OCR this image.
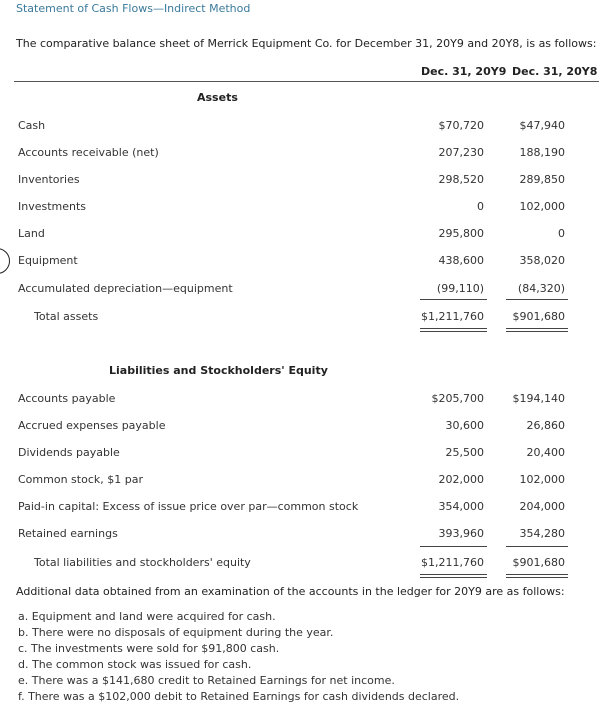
Statement of Cash Flows—Indirect Method
The comparative balance sheet of Merrick Equipment Co. for December 31, 20Y9 and 20Y8, is as follows:
Dec. 31, 20Y9 Dec. 31, 20Y8
Assets
Cash	$70,720	$47,940
Accounts receivable (net)	207,230	188,190
Inventories	298,520	289,850
Investments	0	102,000
Land	295,800	0
Equipment	438,600	358,020
Accumulated depreciation—equipment	(99,110)	(84,320)
Total assets	$1,211,760	$901,680
Liabilities and Stockholders' Equity
Accounts payable	$205,700	$194,140
Accrued expenses payable	30,600	26,860
Dividends payable	25,500	20,400
Common stock, $1 par	202,000	102,000
Paid-in capital: Excess of issue price over par—common stock	354,000	204,000
Retained earnings	393,960	354,280
Total liabilities and stockholders' equity	$1,211,760	$901,680
Additional data obtained from an examination of the accounts in the ledger for 20Y9 are as follows:
a. Equipment and land were acquired for cash.
b. There were no disposals of equipment during the year.
c. The investments were sold for $91,800 cash.
d. The common stock was issued for cash.
e. There was a $141,680 credit to Retained Earnings for net income.
f. There was a $102,000 debit to Retained Earnings for cash dividends declared.
